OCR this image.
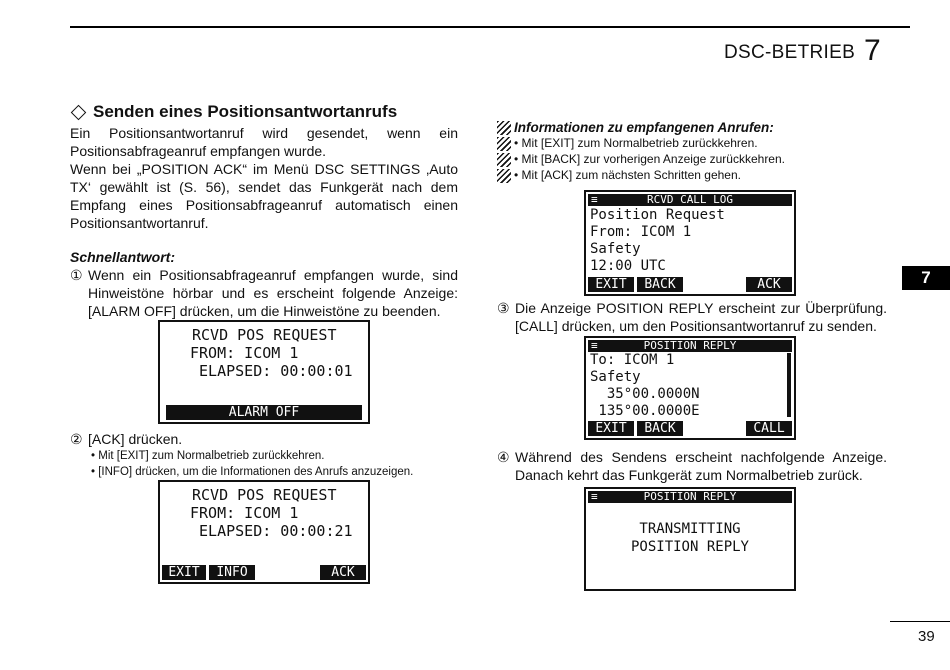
DSC-BETRIEB 7
7
39
Senden eines Positionsantwortanrufs

Ein Positionsantwortanruf wird gesendet, wenn ein Positionsabfrageanruf empfangen wurde.

Wenn bei „POSITION ACK“ im Menü DSC SETTINGS ‚Auto TX‘ gewählt ist (S. 56), sendet das Funkgerät nach dem Empfang eines Positionsabfrageanruf automatisch einen Positionsantwortanruf.

Schnellantwort:
① Wenn ein Positionsabfrageanruf empfangen wurde, sind Hinweistöne hörbar und es erscheint folgende Anzeige: [ALARM OFF] drücken, um die Hinweistöne zu beenden.
RCVD POS REQUEST
FROM: ICOM 1
ELAPSED: 00:00:01
ALARM OFF
② [ACK] drücken.
• Mit [EXIT] zum Normalbetrieb zurückkehren.
• [INFO] drücken, um die Informationen des Anrufs anzuzeigen.
RCVD POS REQUEST
FROM: ICOM 1
ELAPSED: 00:00:21
EXIT	INFO	ACK
Informationen zu empfangenen Anrufen:
• Mit [EXIT] zum Normalbetrieb zurückkehren.
• Mit [BACK] zur vorherigen Anzeige zurückkehren.
• Mit [ACK] zum nächsten Schritten gehen.
≡	RCVD CALL LOG
Position Request
From: ICOM 1
Safety
12:00 UTC
EXIT	BACK	ACK
③ Die Anzeige POSITION REPLY erscheint zur Überprüfung. [CALL] drücken, um den Positionsantwortanruf zu senden.
≡	POSITION REPLY
To: ICOM 1
Safety
35°00.0000N
135°00.0000E
EXIT	BACK	CALL
④ Während des Sendens erscheint nachfolgende Anzeige. Danach kehrt das Funkgerät zum Normalbetrieb zurück.
≡	POSITION REPLY
TRANSMITTING
POSITION REPLY
